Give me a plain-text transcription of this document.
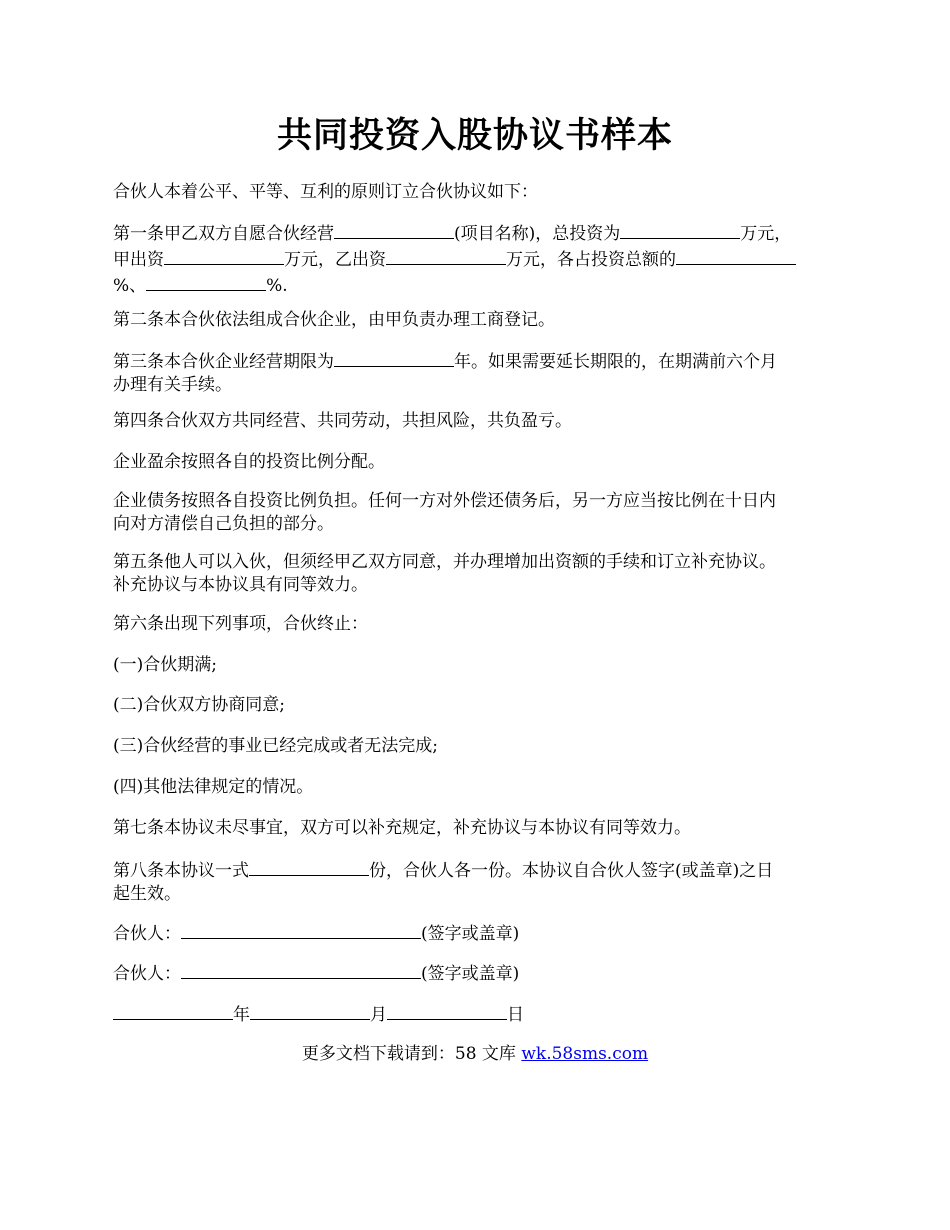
共同投资入股协议书样本
合伙人本着公平、平等、互利的原则订立合伙协议如下：
第一条甲乙双方自愿合伙经营	(项目名称)，总投资为	万元，
甲出资	万元，乙出资	万元，各占投资总额的
%、	%.
第二条本合伙依法组成合伙企业，由甲负责办理工商登记。
第三条本合伙企业经营期限为	年。如果需要延长期限的，在期满前六个月
办理有关手续。
第四条合伙双方共同经营、共同劳动，共担风险，共负盈亏。
企业盈余按照各自的投资比例分配。
企业债务按照各自投资比例负担。任何一方对外偿还债务后，另一方应当按比例在十日内
向对方清偿自己负担的部分。
第五条他人可以入伙，但须经甲乙双方同意，并办理增加出资额的手续和订立补充协议。
补充协议与本协议具有同等效力。
第六条出现下列事项，合伙终止：
(一)合伙期满;
(二)合伙双方协商同意;
(三)合伙经营的事业已经完成或者无法完成;
(四)其他法律规定的情况。
第七条本协议未尽事宜，双方可以补充规定，补充协议与本协议有同等效力。
第八条本协议一式	份，合伙人各一份。本协议自合伙人签字(或盖章)之日
起生效。
合伙人：	(签字或盖章)
合伙人：	(签字或盖章)
年	月	日
更多文档下载请到：58 文库 wk.58sms.com
